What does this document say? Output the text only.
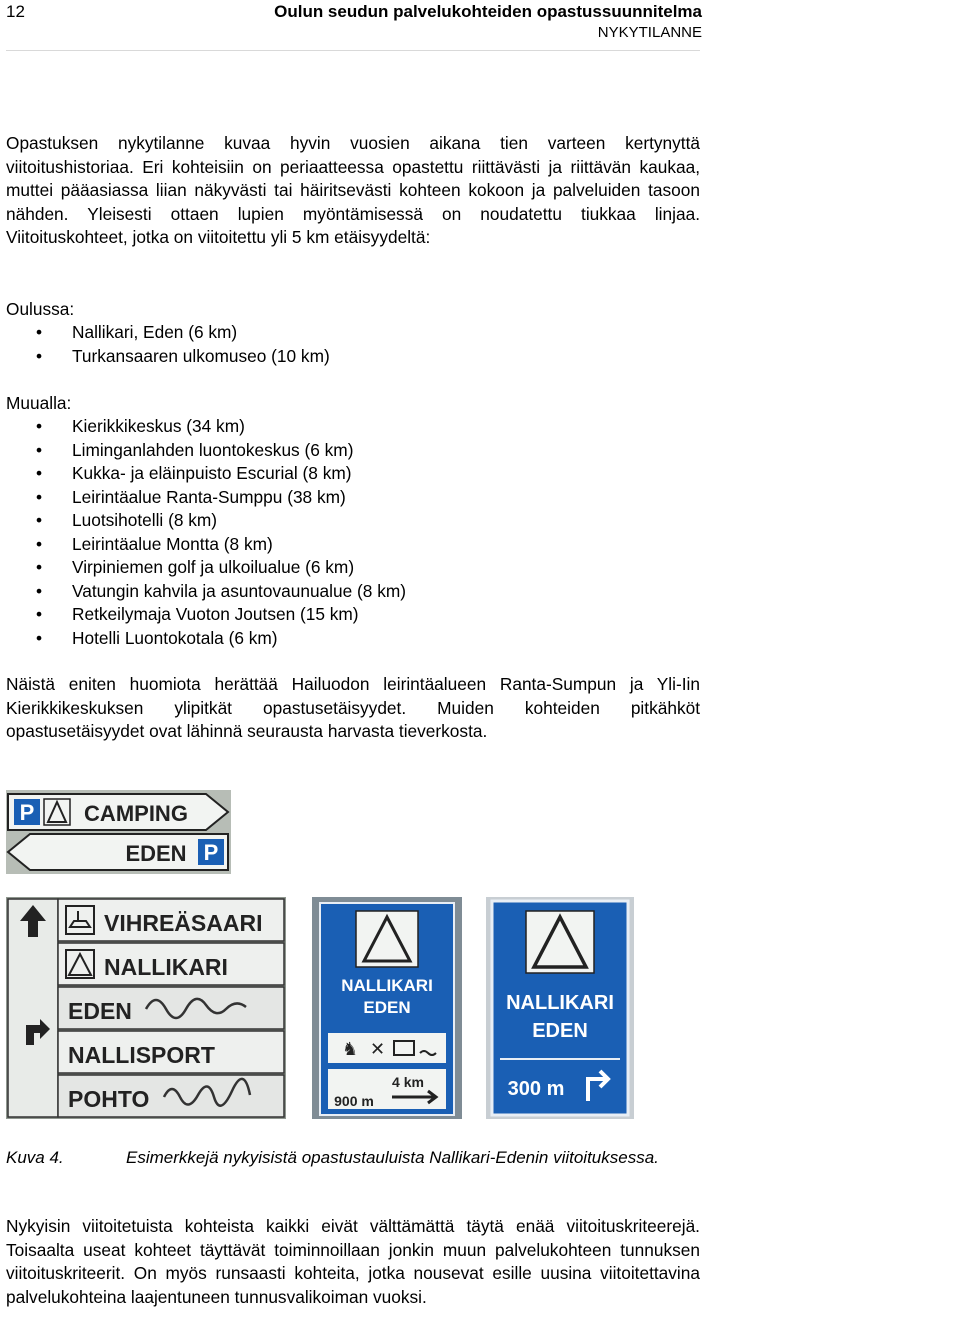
12	Oulun seudun palvelukohteiden opastussuunnitelma
NYKYTILANNE

Opastuksen nykytilanne kuvaa hyvin vuosien aikana tien varteen kertynyttä viitoitushistoriaa. Eri kohteisiin on periaatteessa opastettu riittävästi ja riittävän kaukaa, muttei pääasiassa liian näkyvästi tai häiritsevästi kohteen kokoon ja palveluiden tasoon nähden. Yleisesti ottaen lupien myöntämisessä on noudatettu tiukkaa linjaa. Viitoituskohteet, jotka on viitoitettu yli 5 km etäisyydeltä:

Oulussa:

• Nallikari, Eden (6 km)
• Turkansaaren ulkomuseo (10 km)

Muualla:

• Kierikkikeskus (34 km)
• Liminganlahden luontokeskus (6 km)
• Kukka- ja eläinpuisto Escurial (8 km)
• Leirintäalue Ranta-Sumppu (38 km)
• Luotsihotelli (8 km)
• Leirintäalue Montta (8 km)
• Virpiniemen golf ja ulkoilualue (6 km)
• Vatungin kahvila ja asuntovaunualue (8 km)
• Retkeilymaja Vuoton Joutsen (15 km)
• Hotelli Luontokotala (6 km)

Näistä eniten huomiota herättää Hailuodon leirintäalueen Ranta-Sumpun ja Yli-Iin Kierikkikeskuksen ylipitkät opastusetäisyydet. Muiden kohteiden pitkähköt opastusetäisyydet ovat lähinnä seurausta harvasta tieverkosta.

P CAMPING
EDEN P
VIHREÄSAARI
NALLIKARI
EDEN
NALLISPORT
POHTO
NALLIKARI
EDEN
♞ ✕
4 km
900 m
NALLIKARI
EDEN
300 m
Kuva 4.	Esimerkkejä nykyisistä opastustauluista Nallikari-Edenin viitoituksessa.

Nykyisin viitoitetuista kohteista kaikki eivät välttämättä täytä enää viitoituskriteerejä. Toisaalta useat kohteet täyttävät toiminnoillaan jonkin muun palvelukohteen tunnuksen viitoituskriteerit. On myös runsaasti kohteita, jotka nousevat esille uusina viitoitettavina palvelukohteina laajentuneen tunnusvalikoiman vuoksi.
